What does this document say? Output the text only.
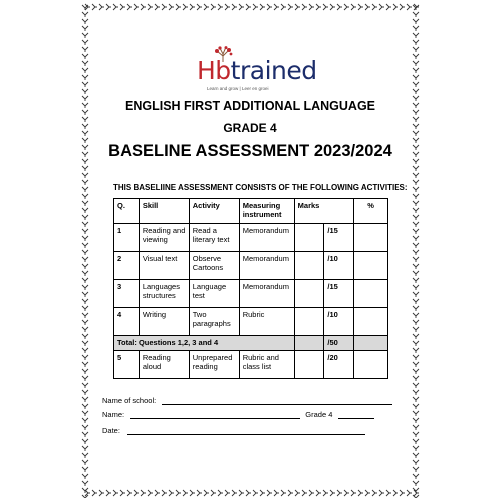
Hbtrained
Learn and grow | Leer en groei
ENGLISH FIRST ADDITIONAL LANGUAGE
GRADE 4
BASELINE ASSESSMENT 2023/2024
THIS BASELIINE ASSESSMENT CONSISTS OF THE FOLLOWING ACTIVITIES:
Q.	Skill	Activity	Measuring instrument	Marks		%
1	Reading and viewing	Read a literary text	Memorandum		/15	
2	Visual text	Observe Cartoons	Memorandum		/10	
3	Languages structures	Language test	Memorandum		/15	
4	Writing	Two paragraphs	Rubric		/10	
Total: Questions 1,2, 3 and 4					/50	
5	Reading aloud	Unprepared reading	Rubric and class list		/20	
Name of school:
Name:	Grade 4
Date:
